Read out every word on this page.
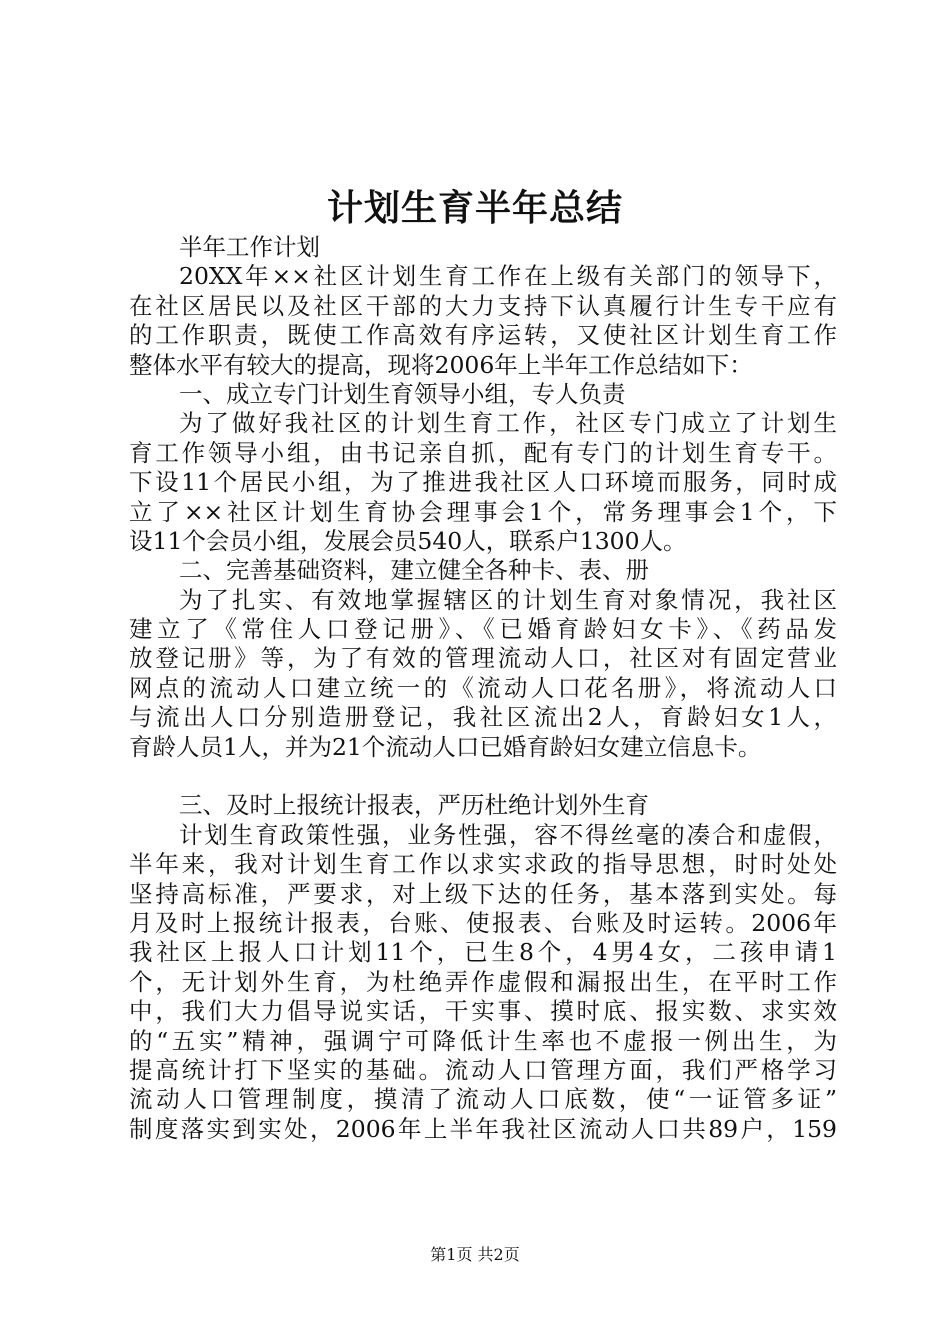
计划生育半年总结
半年工作计划
20XX年××社区计划生育工作在上级有关部门的领导下，
在社区居民以及社区干部的大力支持下认真履行计生专干应有
的工作职责，既使工作高效有序运转，又使社区计划生育工作
整体水平有较大的提高，现将2006年上半年工作总结如下：
一、成立专门计划生育领导小组，专人负责
为了做好我社区的计划生育工作，社区专门成立了计划生
育工作领导小组，由书记亲自抓，配有专门的计划生育专干。
下设11个居民小组，为了推进我社区人口环境而服务，同时成
立了××社区计划生育协会理事会1个，常务理事会1个，下
设11个会员小组，发展会员540人，联系户1300人。
二、完善基础资料，建立健全各种卡、表、册
为了扎实、有效地掌握辖区的计划生育对象情况，我社区
建立了《常住人口登记册》、《已婚育龄妇女卡》、《药品发
放登记册》等，为了有效的管理流动人口，社区对有固定营业
网点的流动人口建立统一的《流动人口花名册》，将流动人口
与流出人口分别造册登记，我社区流出2人，育龄妇女1人，
育龄人员1人，并为21个流动人口已婚育龄妇女建立信息卡。
三、及时上报统计报表，严历杜绝计划外生育
计划生育政策性强，业务性强，容不得丝毫的凑合和虚假，
半年来，我对计划生育工作以求实求政的指导思想，时时处处
坚持高标准，严要求，对上级下达的任务，基本落到实处。每
月及时上报统计报表，台账、使报表、台账及时运转。2006年
我社区上报人口计划11个，已生8个，4男4女，二孩申请1
个，无计划外生育，为杜绝弄作虚假和漏报出生，在平时工作
中，我们大力倡导说实话，干实事、摸时底、报实数、求实效
的“五实”精神，强调宁可降低计生率也不虚报一例出生，为
提高统计打下坚实的基础。流动人口管理方面，我们严格学习
流动人口管理制度，摸清了流动人口底数，使“一证管多证”
制度落实到实处，2006年上半年我社区流动人口共89户，159
第1页 共2页
